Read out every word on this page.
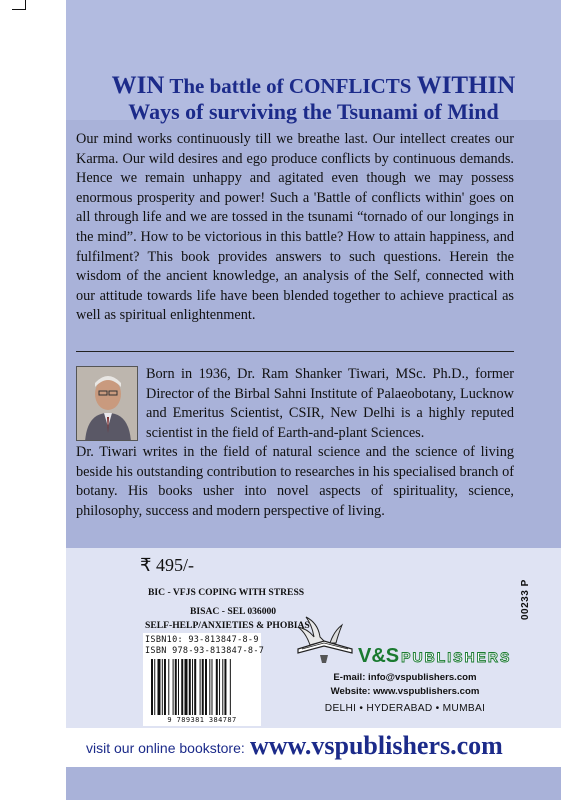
WIN The battle of CONFLICTS WITHIN
Ways of surviving the Tsunami of Mind

Our mind works continuously till we breathe last. Our intellect creates our Karma. Our wild desires and ego produce conflicts by continuous demands. Hence we remain unhappy and agitated even though we may possess enormous prosperity and power! Such a 'Battle of conflicts within' goes on all through life and we are tossed in the tsunami “tornado of our longings in the mind”. How to be victorious in this battle? How to attain happiness, and fulfilment? This book provides answers to such questions. Herein the wisdom of the ancient knowledge, an analysis of the Self, connected with our attitude towards life have been blended together to achieve practical as well as spiritual enlightenment.

Born in 1936, Dr. Ram Shanker Tiwari, MSc. Ph.D., former Director of the Birbal Sahni Institute of Palaeobotany, Lucknow and Emeritus Scientist, CSIR, New Delhi is a highly reputed scientist in the field of Earth-and-plant Sciences.

Dr. Tiwari writes in the field of natural science and the science of living beside his outstanding contribution to researches in his specialised branch of botany. His books usher into novel aspects of spirituality, science, philosophy, success and modern perspective of living.

₹ 495/-
BIC - VFJS COPING WITH STRESS
BISAC - SEL 036000
SELF-HELP/ANXIETIES & PHOBIAS
ISBN10: 93-813847-8-9
ISBN 978-93-813847-8-7
9 789381 384787
00233 P
V&S PUBLISHERS
E-mail: info@vspublishers.com
Website: www.vspublishers.com
DELHI • HYDERABAD • MUMBAI
visit our online bookstore: www.vspublishers.com
